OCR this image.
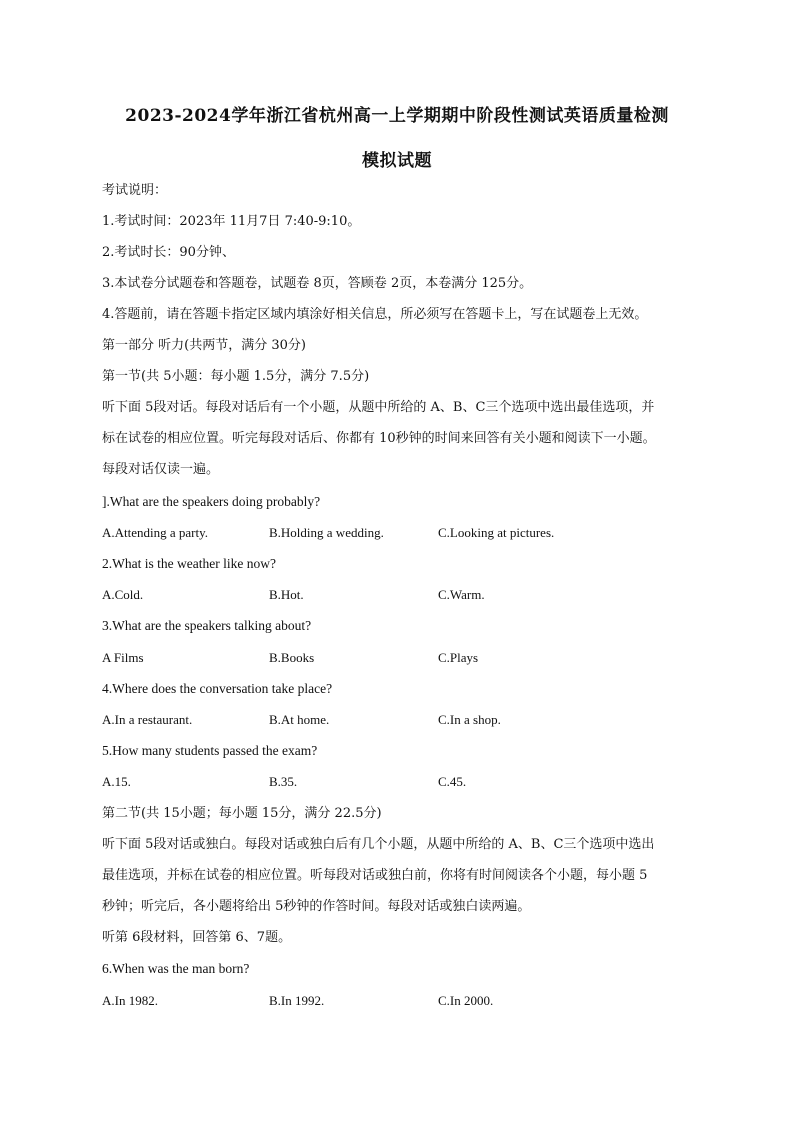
2023-2024学年浙江省杭州高一上学期期中阶段性测试英语质量检测
模拟试题
考试说明：
1.考试时间：2023年 11月7日 7:40-9:10。
2.考试时长：90分钟、
3.本试卷分试题卷和答题卷，试题卷 8页，答顾卷 2页，本卷满分 125分。
4.答题前，请在答题卡指定区域内填涂好相关信息，所必须写在答题卡上，写在试题卷上无效。
第一部分 听力(共两节，满分 30分)
第一节(共 5小题：每小题 1.5分，满分 7.5分)
听下面 5段对话。每段对话后有一个小题，从题中所给的 A、B、C三个选项中选出最佳选项，并
标在试卷的相应位置。听完每段对话后、你都有 10秒钟的时间来回答有关小题和阅读下一小题。
每段对话仅读一遍。
].What are the speakers doing probably?
A.Attending a party.	B.Holding a wedding.	C.Looking at pictures.
2.What is the weather like now?
A.Cold.	B.Hot.	C.Warm.
3.What are the speakers talking about?
A Films	B.Books	C.Plays
4.Where does the conversation take place?
A.In a restaurant.	B.At home.	C.In a shop.
5.How many students passed the exam?
A.15.	B.35.	C.45.
第二节(共 15小题；每小题 15分，满分 22.5分)
听下面 5段对话或独白。每段对话或独白后有几个小题，从题中所给的 A、B、C三个选项中选出
最佳选项，并标在试卷的相应位置。听每段对话或独白前，你将有时间阅读各个小题，每小题 5
秒钟；听完后，各小题将给出 5秒钟的作答时间。每段对话或独白读两遍。
听第 6段材料，回答第 6、7题。
6.When was the man born?
A.In 1982.	B.In 1992.	C.In 2000.
